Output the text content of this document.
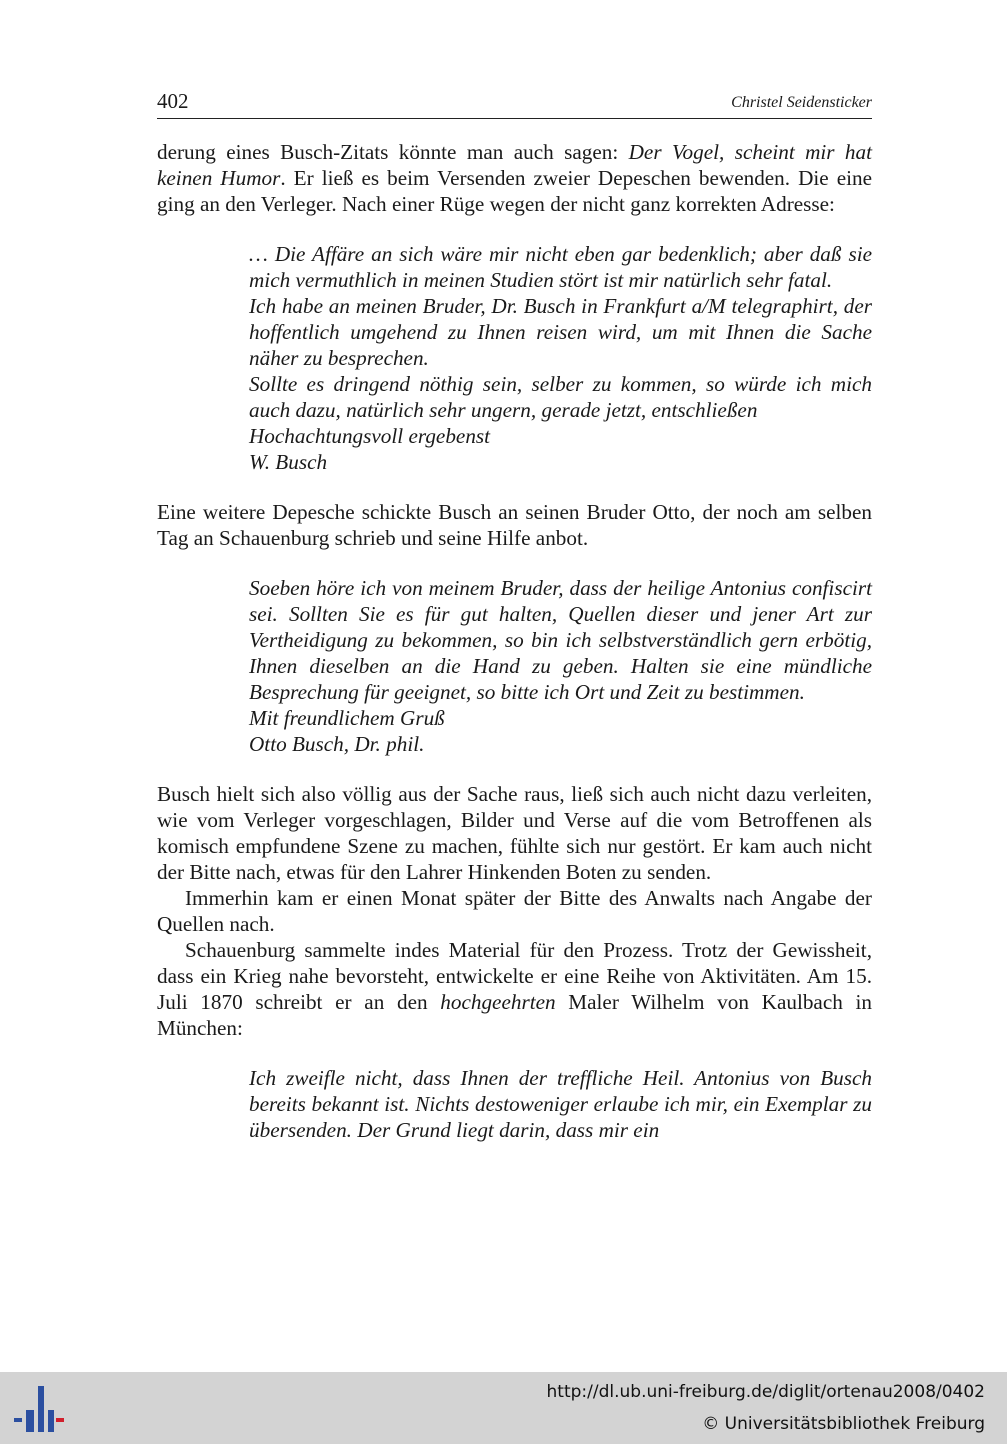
402	Christel Seidensticker

derung eines Busch-Zitats könnte man auch sagen: Der Vogel, scheint mir hat keinen Humor. Er ließ es beim Versenden zweier Depeschen bewenden. Die eine ging an den Verleger. Nach einer Rüge wegen der nicht ganz korrekten Adresse:

… Die Affäre an sich wäre mir nicht eben gar bedenklich; aber daß sie mich vermuthlich in meinen Studien stört ist mir natürlich sehr fatal.
Ich habe an meinen Bruder, Dr. Busch in Frankfurt a/M telegraphirt, der hoffentlich umgehend zu Ihnen reisen wird, um mit Ihnen die Sache näher zu besprechen.
Sollte es dringend nöthig sein, selber zu kommen, so würde ich mich auch dazu, natürlich sehr ungern, gerade jetzt, entschließen
Hochachtungsvoll ergebenst
W. Busch

Eine weitere Depesche schickte Busch an seinen Bruder Otto, der noch am selben Tag an Schauenburg schrieb und seine Hilfe anbot.

Soeben höre ich von meinem Bruder, dass der heilige Antonius confiscirt sei. Sollten Sie es für gut halten, Quellen dieser und jener Art zur Vertheidigung zu bekommen, so bin ich selbstverständlich gern erbötig, Ihnen dieselben an die Hand zu geben. Halten sie eine mündliche Besprechung für geeignet, so bitte ich Ort und Zeit zu bestimmen.
Mit freundlichem Gruß
Otto Busch, Dr. phil.

Busch hielt sich also völlig aus der Sache raus, ließ sich auch nicht dazu verleiten, wie vom Verleger vorgeschlagen, Bilder und Verse auf die vom Betroffenen als komisch empfundene Szene zu machen, fühlte sich nur gestört. Er kam auch nicht der Bitte nach, etwas für den Lahrer Hinkenden Boten zu senden.

Immerhin kam er einen Monat später der Bitte des Anwalts nach Angabe der Quellen nach.

Schauenburg sammelte indes Material für den Prozess. Trotz der Gewissheit, dass ein Krieg nahe bevorsteht, entwickelte er eine Reihe von Aktivitäten. Am 15. Juli 1870 schreibt er an den hochgeehrten Maler Wilhelm von Kaulbach in München:

Ich zweifle nicht, dass Ihnen der treffliche Heil. Antonius von Busch bereits bekannt ist. Nichts destoweniger erlaube ich mir, ein Exemplar zu übersenden. Der Grund liegt darin, dass mir ein
http://dl.ub.uni-freiburg.de/diglit/ortenau2008/0402
© Universitätsbibliothek Freiburg
